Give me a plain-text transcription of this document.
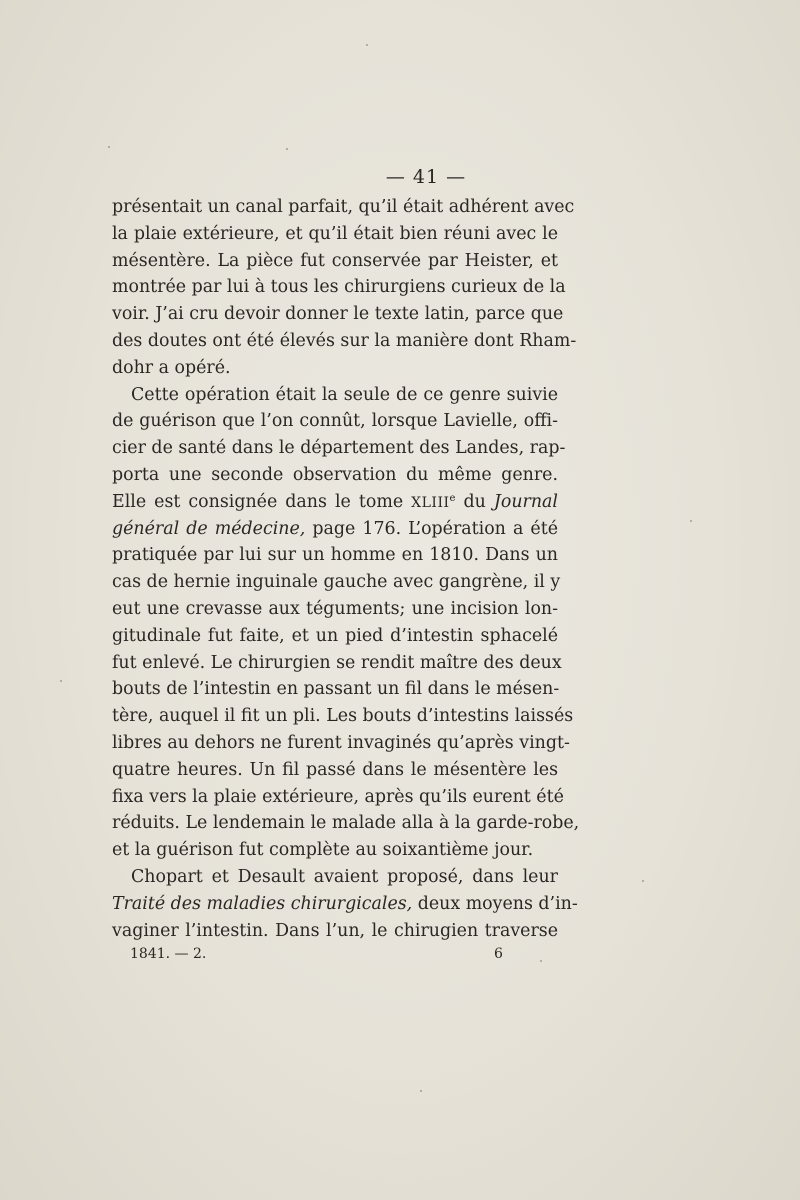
— 41 —
présentait un canal parfait, qu’il était adhérent avec
la plaie extérieure, et qu’il était bien réuni avec le
mésentère. La pièce fut conservée par Heister, et
montrée par lui à tous les chirurgiens curieux de la
voir. J’ai cru devoir donner le texte latin, parce que
des doutes ont été élevés sur la manière dont Rham-
dohr a opéré.
Cette opération était la seule de ce genre suivie
de guérison que l’on connût, lorsque Lavielle, offi-
cier de santé dans le département des Landes, rap-
porta une seconde observation du même genre.
Elle est consignée dans le tome XLIIIe du Journal
général de médecine, page 176. L’opération a été
pratiquée par lui sur un homme en 1810. Dans un
cas de hernie inguinale gauche avec gangrène, il y
eut une crevasse aux téguments; une incision lon-
gitudinale fut faite, et un pied d’intestin sphacelé
fut enlevé. Le chirurgien se rendit maître des deux
bouts de l’intestin en passant un fil dans le mésen-
tère, auquel il fit un pli. Les bouts d’intestins laissés
libres au dehors ne furent invaginés qu’après vingt-
quatre heures. Un fil passé dans le mésentère les
fixa vers la plaie extérieure, après qu’ils eurent été
réduits. Le lendemain le malade alla à la garde-robe,
et la guérison fut complète au soixantième jour.
Chopart et Desault avaient proposé, dans leur
Traité des maladies chirurgicales, deux moyens d’in-
vaginer l’intestin. Dans l’un, le chirugien traverse
1841. — 2.	6
